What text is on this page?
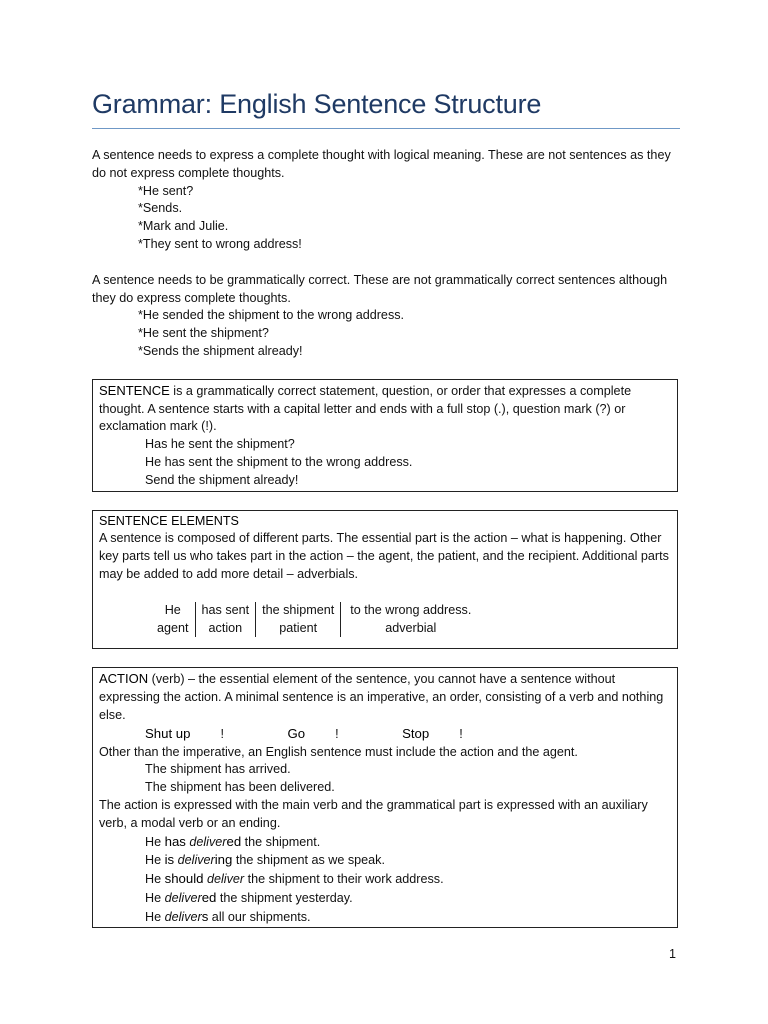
Grammar: English Sentence Structure

A sentence needs to express a complete thought with logical meaning. These are not sentences as they do not express complete thoughts.

*He sent?

*Sends.

*Mark and Julie.

*They sent to wrong address!

A sentence needs to be grammatically correct. These are not grammatically correct sentences although they do express complete thoughts.

*He sended the shipment to the wrong address.

*He sent the shipment?

*Sends the shipment already!

SENTENCE is a grammatically correct statement, question, or order that expresses a complete thought. A sentence starts with a capital letter and ends with a full stop (.), question mark (?) or exclamation mark (!).

Has he sent the shipment?

He has sent the shipment to the wrong address.

Send the shipment already!

SENTENCE ELEMENTS

A sentence is composed of different parts. The essential part is the action – what is happening. Other key parts tell us who takes part in the action – the agent, the patient, and the recipient. Additional parts may be added to add more detail – adverbials.

He
agent
has sent
action
the shipment
patient
to the wrong address.
adverbial

ACTION (verb) – the essential element of the sentence, you cannot have a sentence without expressing the action. A minimal sentence is an imperative, an order, consisting of a verb and nothing else.

Shut up !	Go !	Stop !

Other than the imperative, an English sentence must include the action and the agent.

The shipment has arrived.

The shipment has been delivered.

The action is expressed with the main verb and the grammatical part is expressed with an auxiliary verb, a modal verb or an ending.

He has delivered the shipment.

He is delivering the shipment as we speak.

He should deliver the shipment to their work address.

He delivered the shipment yesterday.

He delivers all our shipments.

1
